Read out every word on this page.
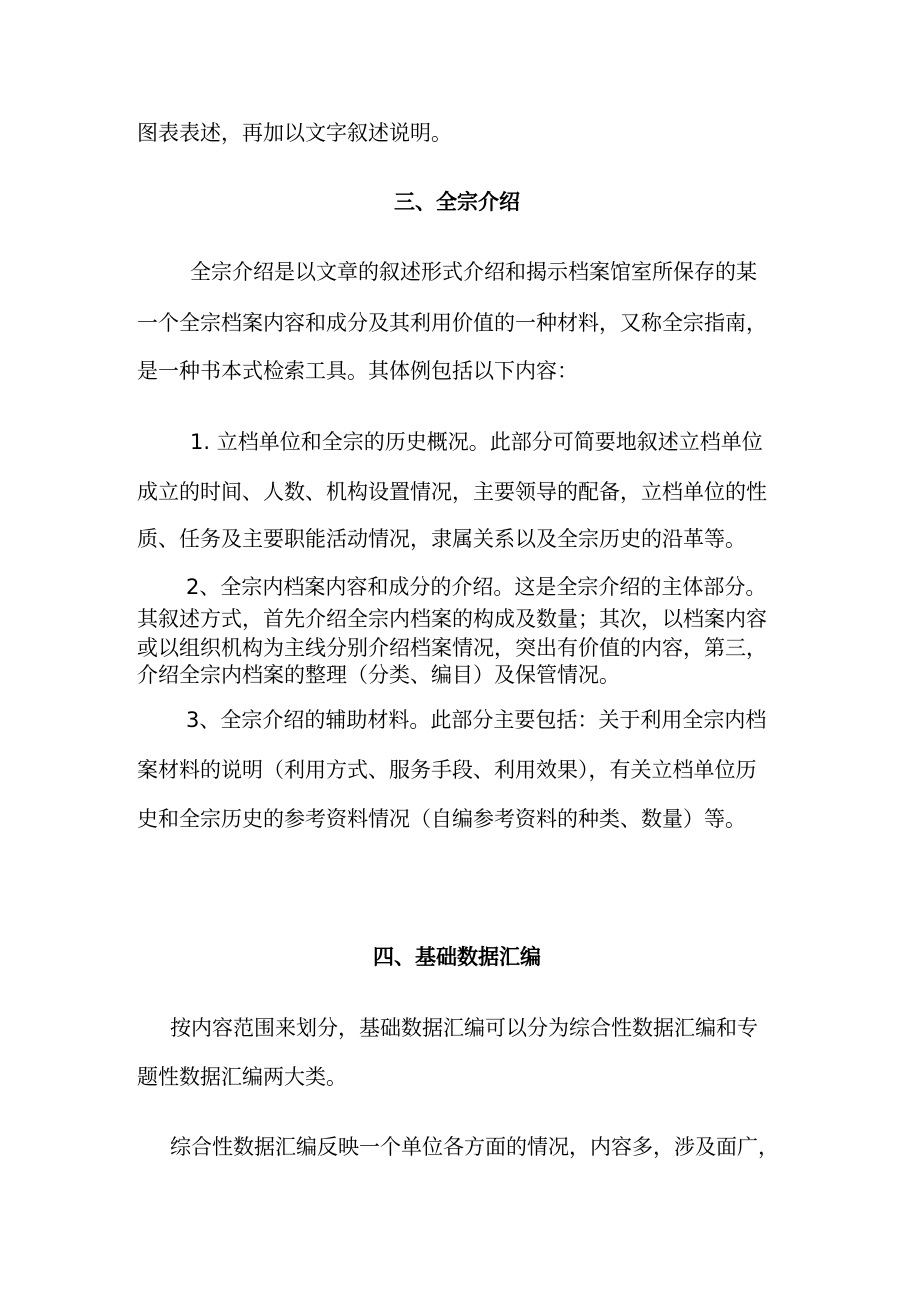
图表表述，再加以文字叙述说明。

三、全宗介绍

全宗介绍是以文章的叙述形式介绍和揭示档案馆室所保存的某

一个全宗档案内容和成分及其利用价值的一种材料，又称全宗指南，

是一种书本式检索工具。其体例包括以下内容：

1. 立档单位和全宗的历史概况。此部分可简要地叙述立档单位

成立的时间、人数、机构设置情况，主要领导的配备，立档单位的性

质、任务及主要职能活动情况，隶属关系以及全宗历史的沿革等。

2、全宗内档案内容和成分的介绍。这是全宗介绍的主体部分。

其叙述方式，首先介绍全宗内档案的构成及数量；其次，以档案内容

或以组织机构为主线分别介绍档案情况，突出有价值的内容，第三，

介绍全宗内档案的整理（分类、编目）及保管情况。

3、全宗介绍的辅助材料。此部分主要包括：关于利用全宗内档

案材料的说明（利用方式、服务手段、利用效果），有关立档单位历

史和全宗历史的参考资料情况（自编参考资料的种类、数量）等。

四、基础数据汇编

按内容范围来划分，基础数据汇编可以分为综合性数据汇编和专

题性数据汇编两大类。

综合性数据汇编反映一个单位各方面的情况，内容多，涉及面广，
